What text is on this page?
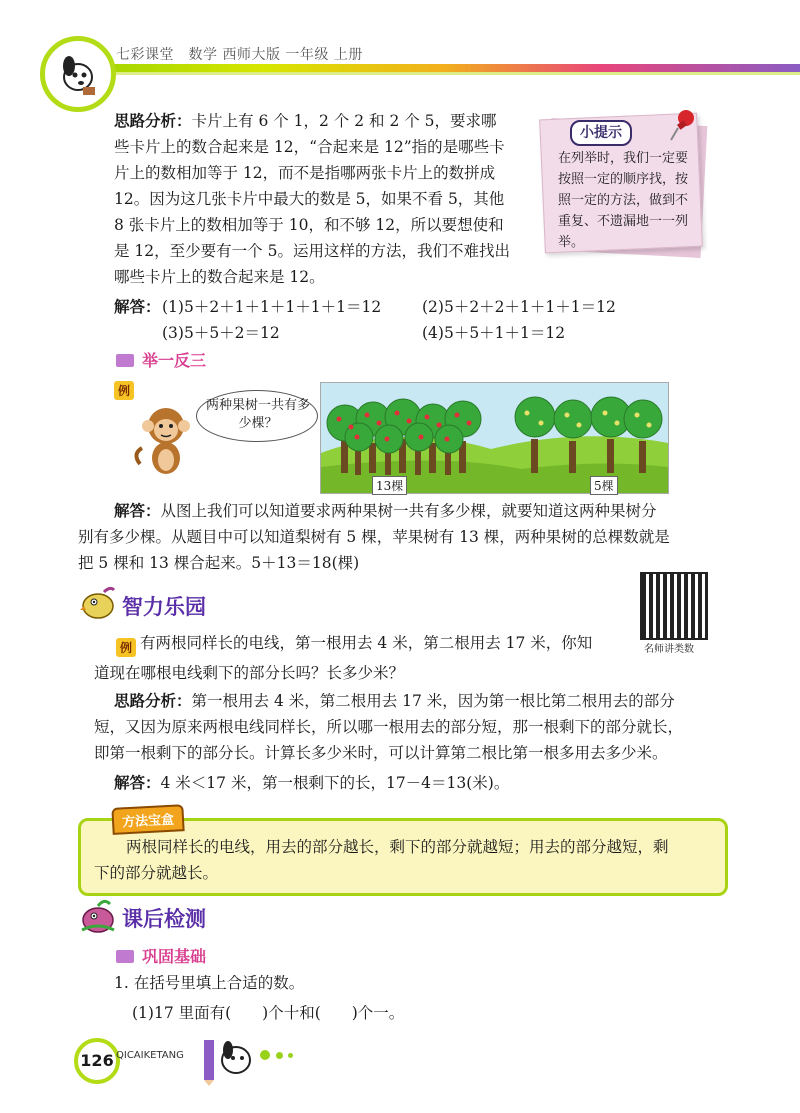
七彩课堂　数学 西师大版 一年级 上册
思路分析：卡片上有 6 个 1，2 个 2 和 2 个 5，要求哪
些卡片上的数合起来是 12，“合起来是 12”指的是哪些卡
片上的数相加等于 12，而不是指哪两张卡片上的数拼成
12。因为这几张卡片中最大的数是 5，如果不看 5，其他
8 张卡片上的数相加等于 10，和不够 12，所以要想使和
是 12，至少要有一个 5。运用这样的方法，我们不难找出
哪些卡片上的数合起来是 12。
小提示
在列举时，我们一定要按照一定的顺序找，按照一定的方法，做到不重复、不遗漏地一一列举。
解答： (1)5＋2＋1＋1＋1＋1＋1＝12	(2)5＋2＋2＋1＋1＋1＝12
(3)5＋5＋2＝12	(4)5＋5＋1＋1＝12
举一反三
例
两种果树一共有多少棵？
13棵	5棵
解答：从图上我们可以知道要求两种果树一共有多少棵，就要知道这两种果树分
别有多少棵。从题目中可以知道梨树有 5 棵，苹果树有 13 棵，两种果树的总棵数就是
把 5 棵和 13 棵合起来。5＋13＝18(棵)
智力乐园
名师讲类数
例 有两根同样长的电线，第一根用去 4 米，第二根用去 17 米，你知
道现在哪根电线剩下的部分长吗？长多少米？
思路分析：第一根用去 4 米，第二根用去 17 米，因为第一根比第二根用去的部分
短，又因为原来两根电线同样长，所以哪一根用去的部分短，那一根剩下的部分就长，
即第一根剩下的部分长。计算长多少米时，可以计算第二根比第一根多用去多少米。
解答：4 米＜17 米，第一根剩下的长，17－4＝13(米)。
方法宝盒
两根同样长的电线，用去的部分越长，剩下的部分就越短；用去的部分越短，剩
下的部分就越长。
课后检测
巩固基础
1. 在括号里填上合适的数。
(1)17 里面有(　　)个十和(　　)个一。
126 QICAIKETANG
